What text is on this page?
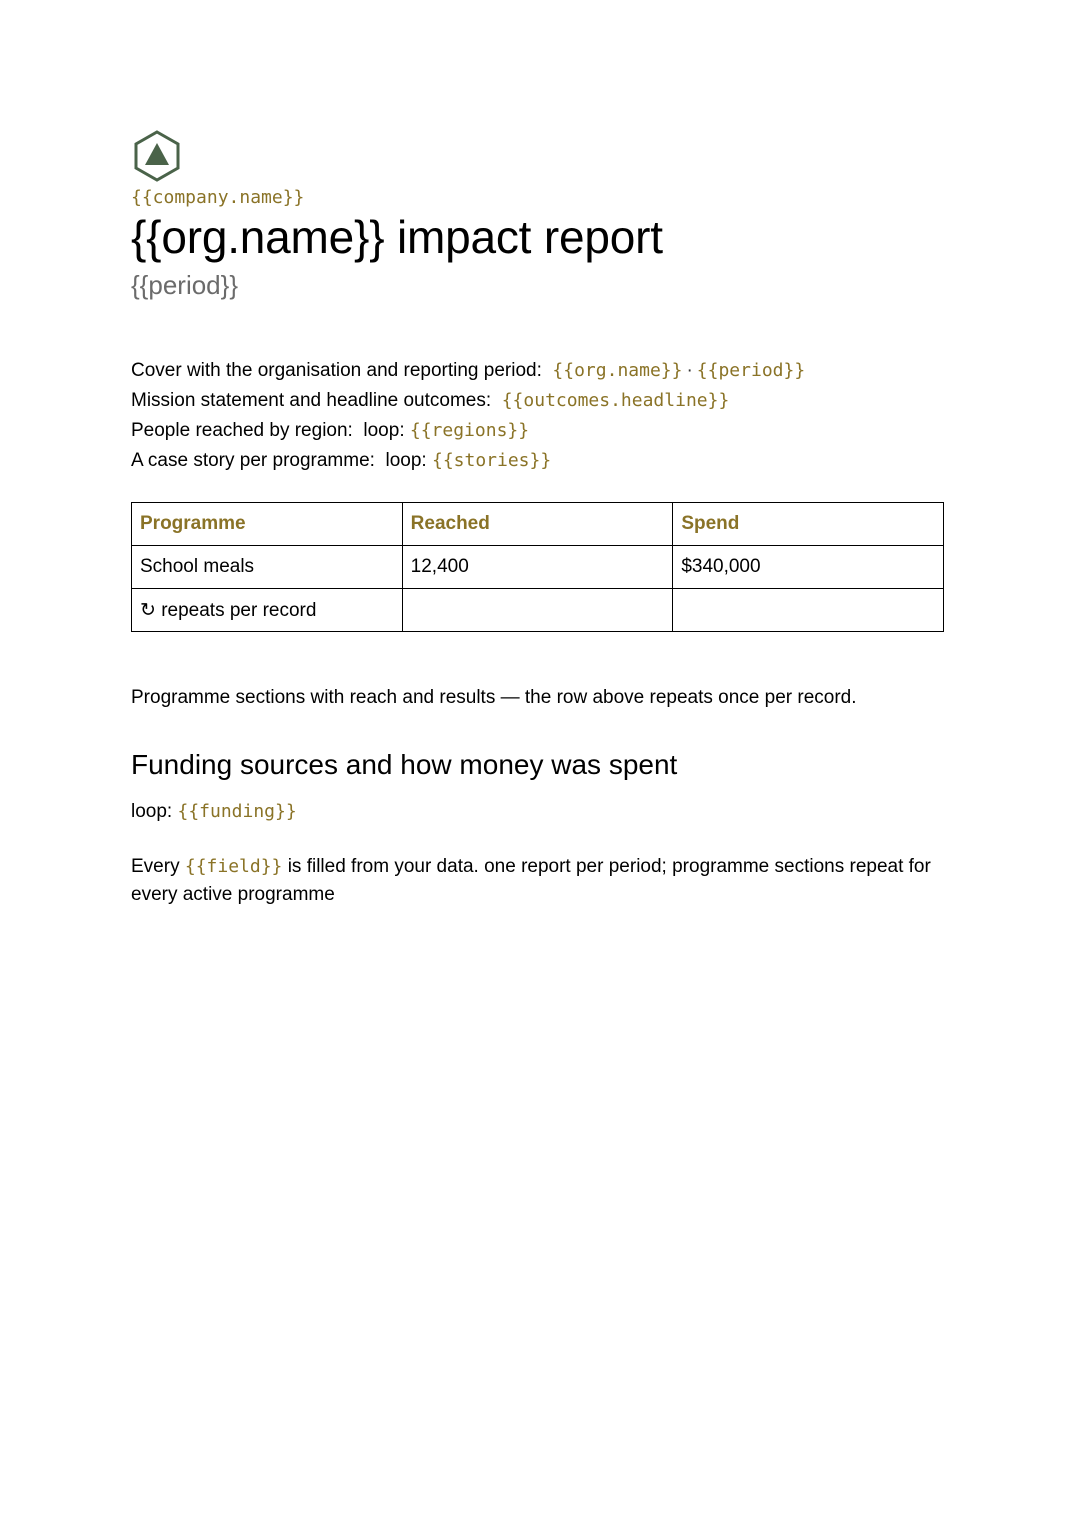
{{company.name}}
{{org.name}} impact report
{{period}}
Cover with the organisation and reporting period: {{org.name}} · {{period}}
Mission statement and headline outcomes: {{outcomes.headline}}
People reached by region: loop: {{regions}}
A case story per programme: loop: {{stories}}
Programme	Reached	Spend
School meals	12,400	$340,000
↻ repeats per record		
Programme sections with reach and results — the row above repeats once per record.
Funding sources and how money was spent
loop: {{funding}}
Every {{field}} is filled from your data. one report per period; programme sections repeat for every active programme
